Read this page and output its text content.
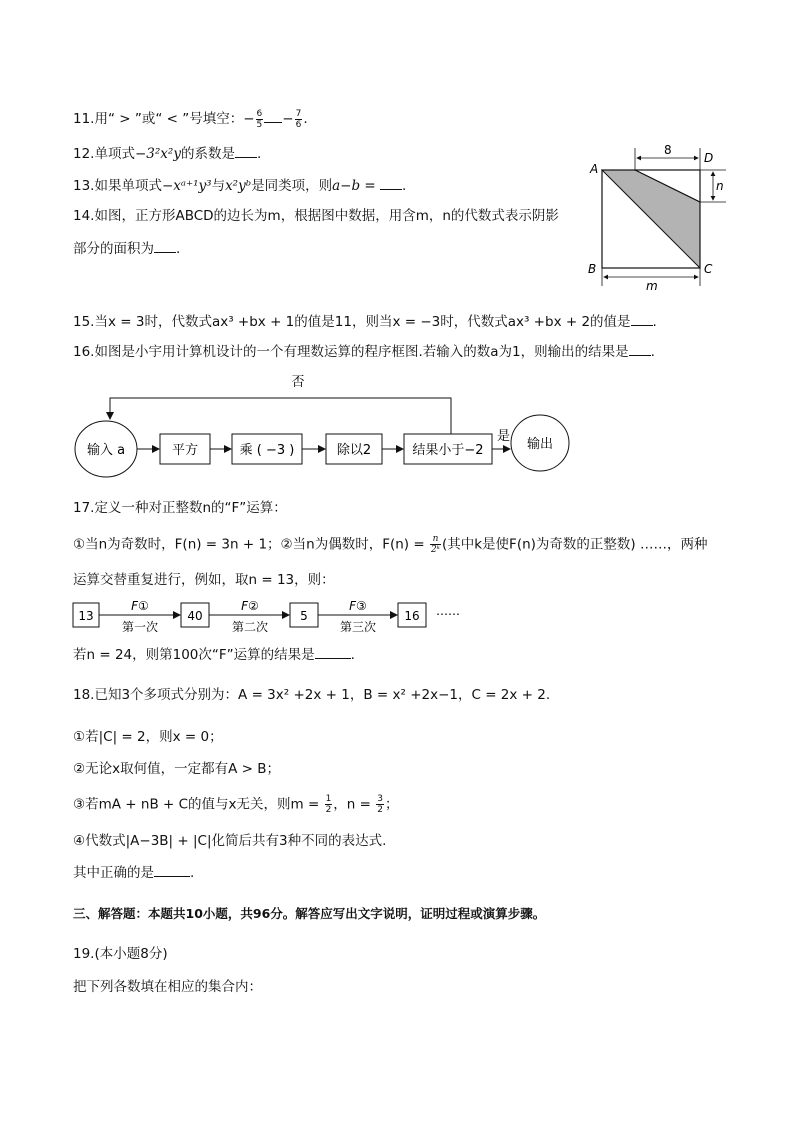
11.用“ > ”或“ < ”号填空：− $\frac{6}{5} - \frac{7}{6}$ .
12.单项式−3²x²y的系数是 .
13.如果单项式−xᵃ⁺¹y³与x²yᵇ是同类项，则a−b = .
14.如图，正方形ABCD的边长为m，根据图中数据，用含m，n的代数式表示阴影
部分的面积为 .
A
D
B	C
8
n
m
15.当x = 3时，代数式ax³ +bx + 1的值是11，则当x = −3时，代数式ax³ +bx + 2的值是 .
16.如图是小宇用计算机设计的一个有理数运算的程序框图.若输入的数a为1，则输出的结果是 .
输入 a	平方	乘 ( −3 )	除以2	结果小于−2
是
输出
否
17.定义一种对正整数n的“F”运算：
①当n为奇数时，F(n) = 3n + 1；②当n为偶数时，$F(n) = \frac{n}{\text{2ᵏ}}$ (其中k是使F(n)为奇数的正整数) ……，两种
运算交替重复进行，例如，取n = 13，则：
13
F①
第一次
40
F②
第二次
5
F③
第三次
16 ……
若n = 24，则第100次“F”运算的结果是	.
18.已知3个多项式分别为：A = 3x² +2x + 1，B = x² +2x−1，C = 2x + 2.
①若|C| = 2，则x = 0；
②无论x取何值，一定都有A > B；
③若mA + nB + C的值与x无关，则$m = \frac{1}{2}$ ，$n = \frac{3}{2}$ ；
④代数式|A−3B| + |C|化简后共有3种不同的表达式.
其中正确的是	.
三、解答题：本题共10小题，共96分。解答应写出文字说明，证明过程或演算步骤。
19.(本小题8分)
把下列各数填在相应的集合内：
